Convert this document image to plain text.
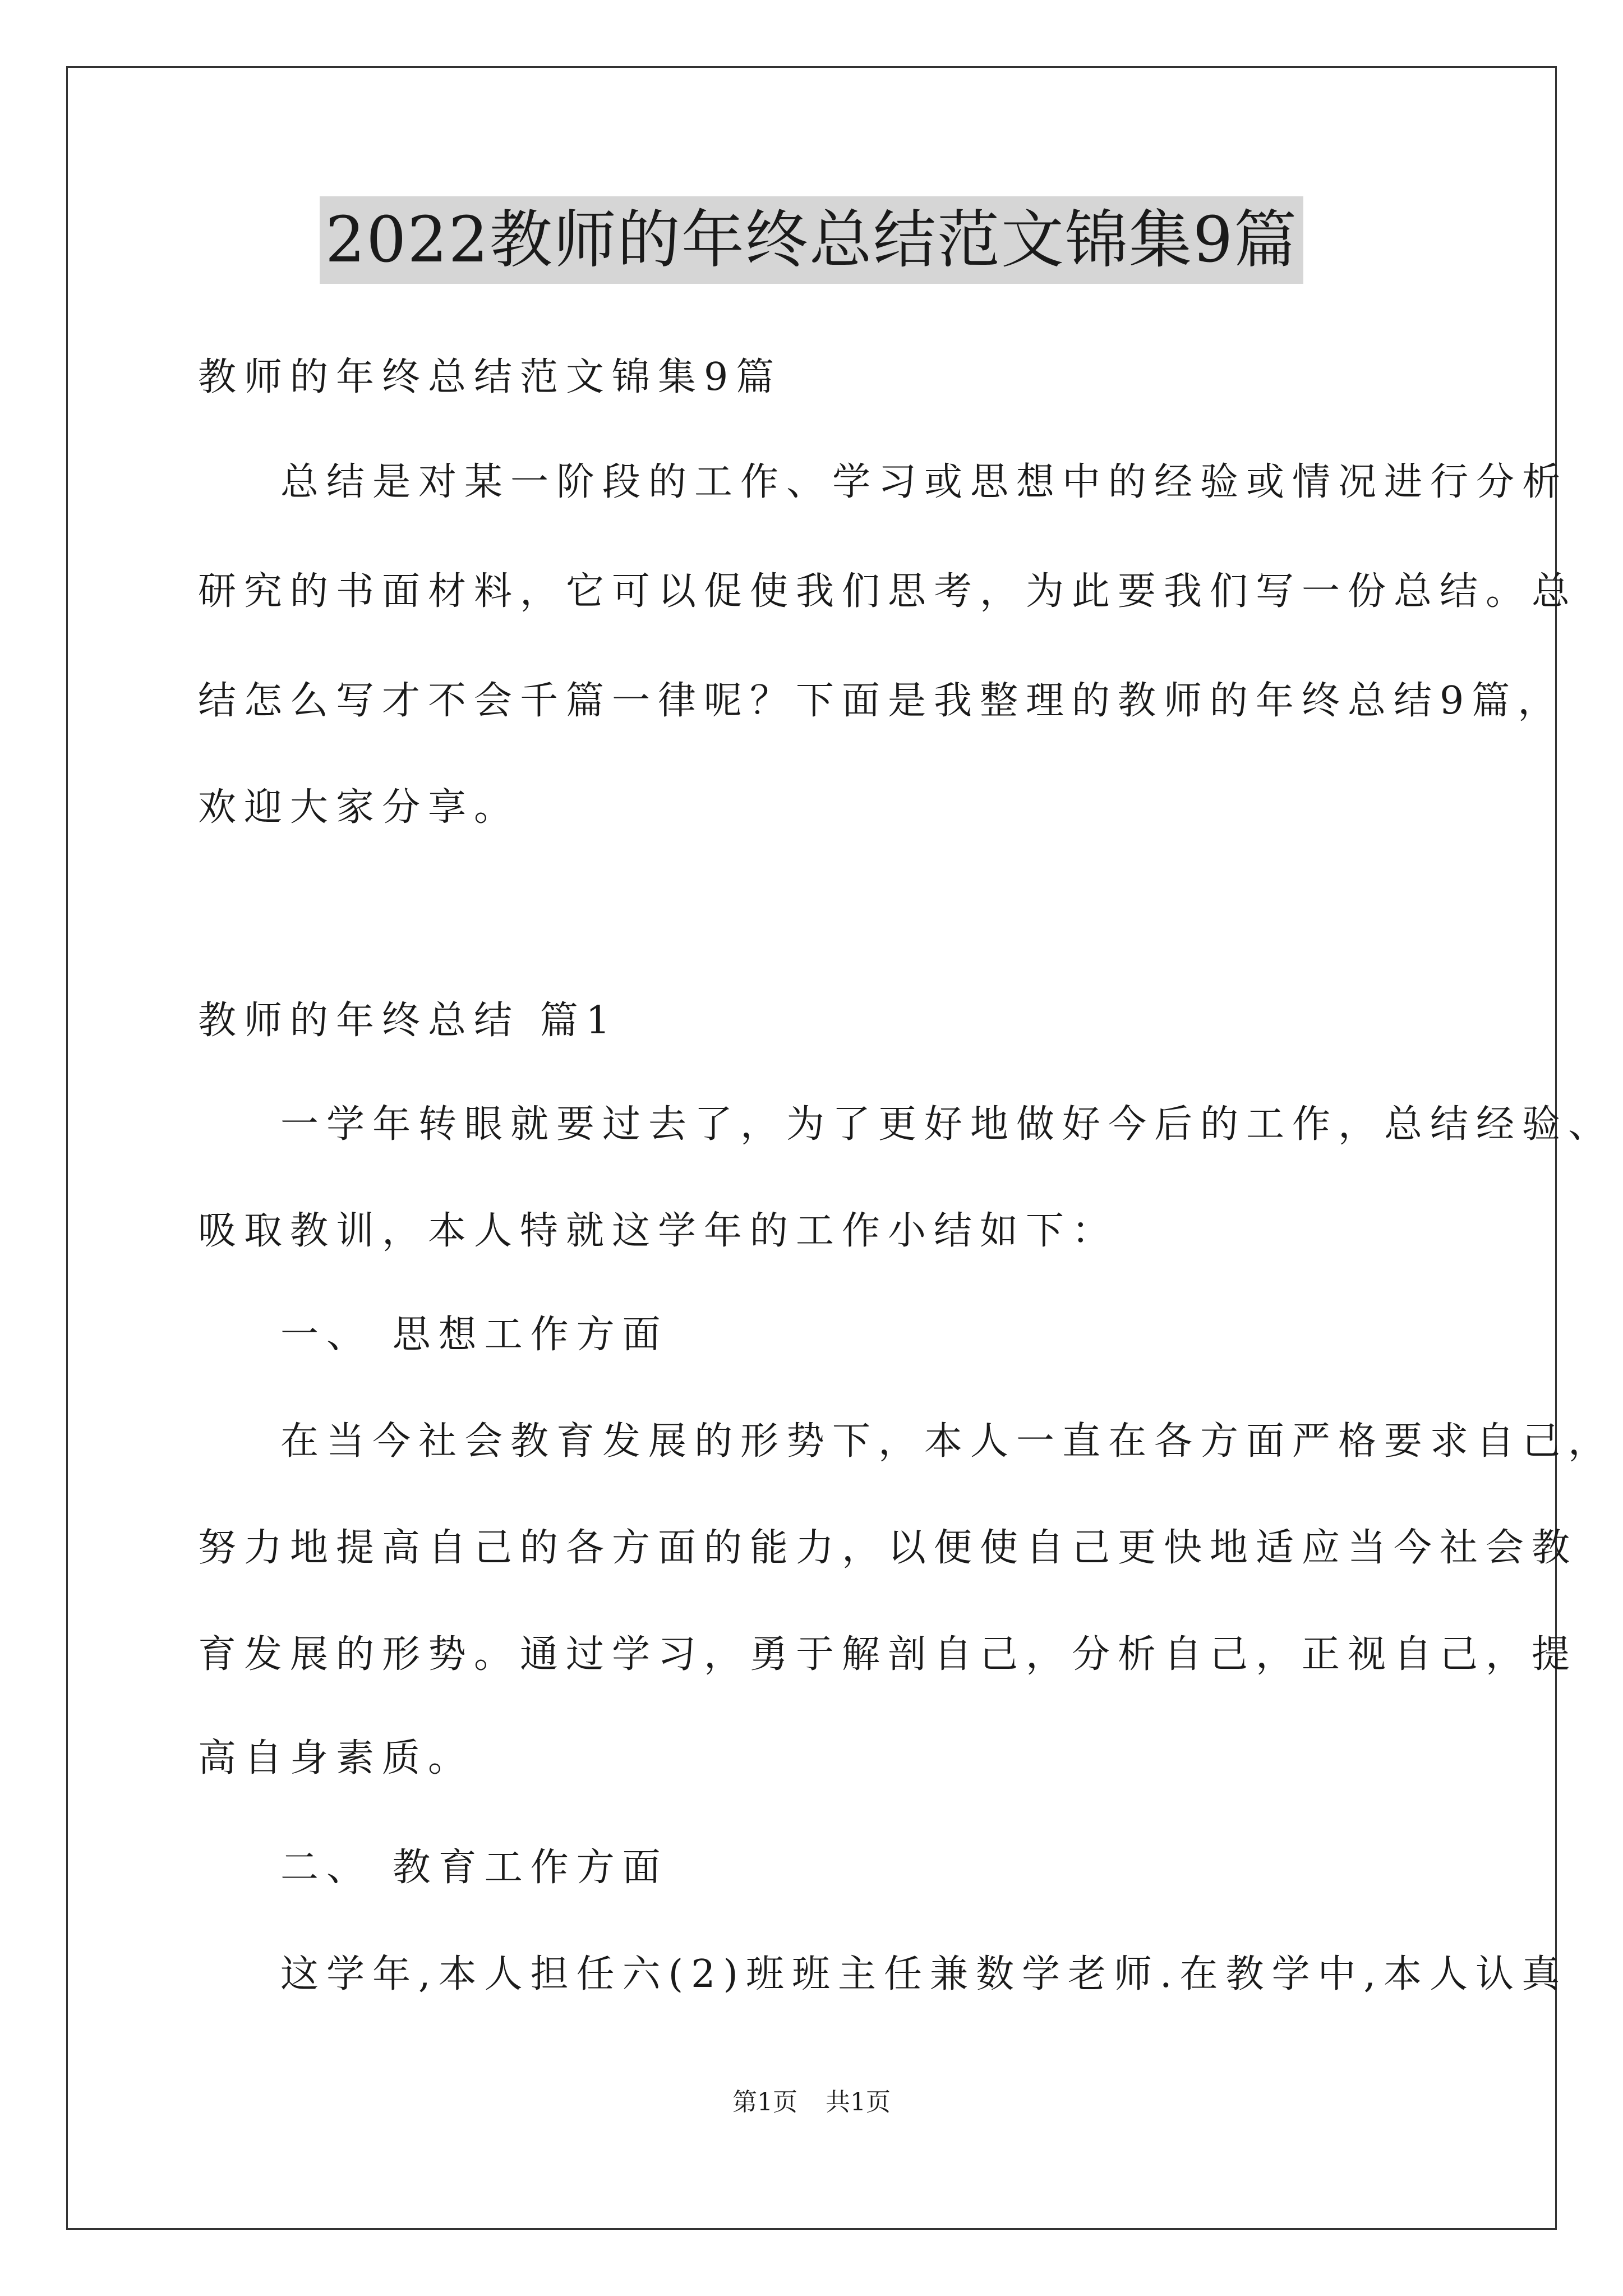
2022教师的年终总结范文锦集9篇
教师的年终总结范文锦集9篇
总结是对某一阶段的工作、学习或思想中的经验或情况进行分析
研究的书面材料，它可以促使我们思考，为此要我们写一份总结。总
结怎么写才不会千篇一律呢？下面是我整理的教师的年终总结9篇，
欢迎大家分享。
教师的年终总结 篇1
一学年转眼就要过去了，为了更好地做好今后的工作，总结经验、
吸取教训，本人特就这学年的工作小结如下：
一、 思想工作方面
在当今社会教育发展的形势下，本人一直在各方面严格要求自己，
努力地提高自己的各方面的能力，以便使自己更快地适应当今社会教
育发展的形势。通过学习，勇于解剖自己，分析自己，正视自己，提
高自身素质。
二、 教育工作方面
这学年,本人担任六(2)班班主任兼数学老师.在教学中,本人认真
第1页 共1页
